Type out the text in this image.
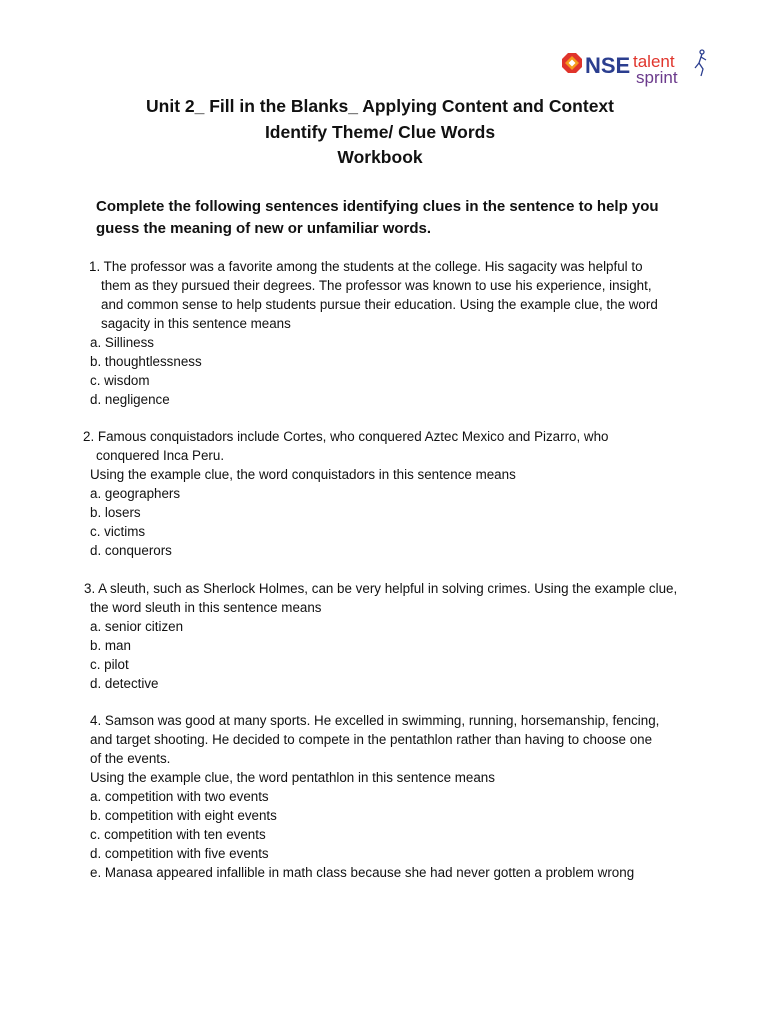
NSE talent
sprint
Unit 2_ Fill in the Blanks_ Applying Content and Context
Identify Theme/ Clue Words
Workbook
Complete the following sentences identifying clues in the sentence to help you
guess the meaning of new or unfamiliar words.
1. The professor was a favorite among the students at the college. His sagacity was helpful to
them as they pursued their degrees. The professor was known to use his experience, insight,
and common sense to help students pursue their education. Using the example clue, the word
sagacity in this sentence means
a. Silliness
b. thoughtlessness
c. wisdom
d. negligence
2. Famous conquistadors include Cortes, who conquered Aztec Mexico and Pizarro, who
conquered Inca Peru.
Using the example clue, the word conquistadors in this sentence means
a. geographers
b. losers
c. victims
d. conquerors
3. A sleuth, such as Sherlock Holmes, can be very helpful in solving crimes. Using the example clue,
the word sleuth in this sentence means
a. senior citizen
b. man
c. pilot
d. detective
4. Samson was good at many sports. He excelled in swimming, running, horsemanship, fencing,
and target shooting. He decided to compete in the pentathlon rather than having to choose one
of the events.
Using the example clue, the word pentathlon in this sentence means
a. competition with two events
b. competition with eight events
c. competition with ten events
d. competition with five events
e. Manasa appeared infallible in math class because she had never gotten a problem wrong
